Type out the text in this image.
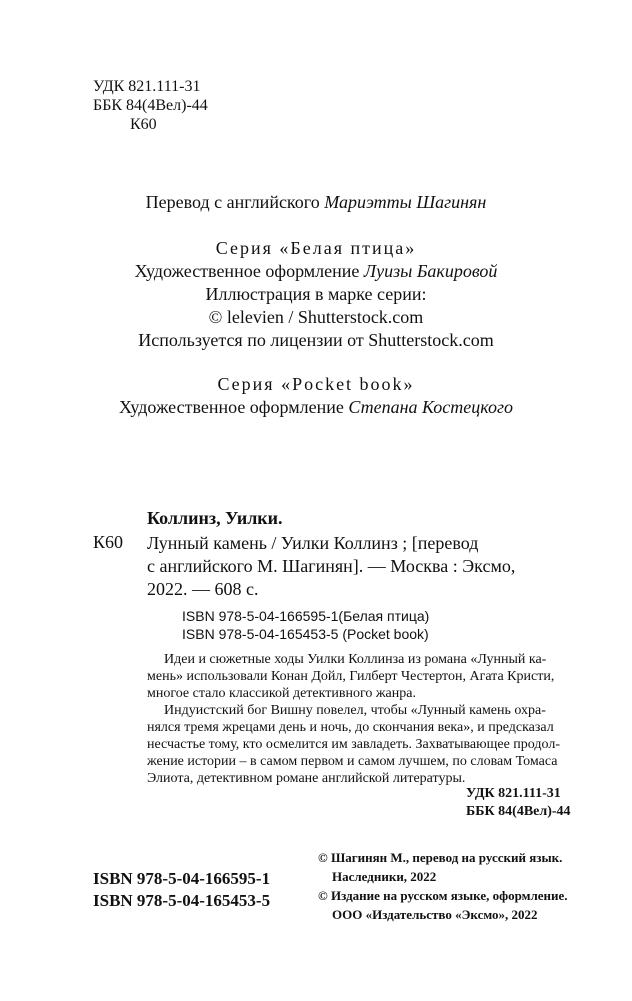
УДК 821.111-31
ББК 84(4Вел)-44
К60
Перевод с английского Мариэтты Шагинян
Серия «Белая птица»
Художественное оформление Луизы Бакировой
Иллюстрация в марке серии:
© lelevien / Shutterstock.com
Используется по лицензии от Shutterstock.com
Серия «Pocket book»
Художественное оформление Степана Костецкого
Коллинз, Уилки.
К60 Лунный камень / Уилки Коллинз ; [перевод
с английского М. Шагинян]. — Москва : Эксмо,
2022. — 608 с.
ISBN 978-5-04-166595-1(Белая птица)
ISBN 978-5-04-165453-5 (Pocket book)
Идеи и сюжетные ходы Уилки Коллинза из романа «Лунный ка-
мень» использовали Конан Дойл, Гилберт Честертон, Агата Кристи,
многое стало классикой детективного жанра.
Индуистский бог Вишну повелел, чтобы «Лунный камень охра-
нялся тремя жрецами день и ночь, до скончания века», и предсказал
несчастье тому, кто осмелится им завладеть. Захватывающее продол-
жение истории – в самом первом и самом лучшем, по словам Томаса
Элиота, детективном романе английской литературы.
УДК 821.111-31
ББК 84(4Вел)-44
ISBN 978-5-04-166595-1
ISBN 978-5-04-165453-5
© Шагинян М., перевод на русский язык.
Наследники, 2022
© Издание на русском языке, оформление.
ООО «Издательство «Эксмо», 2022
